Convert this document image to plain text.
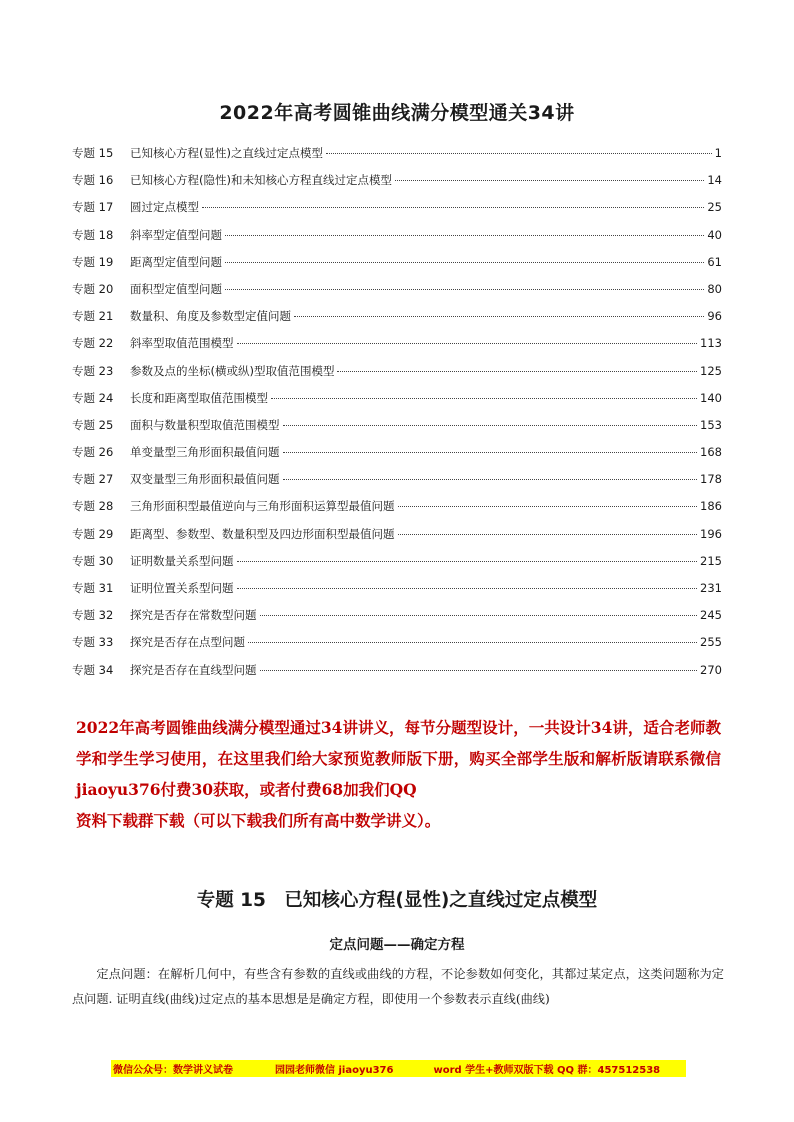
2022年高考圆锥曲线满分模型通关34讲
专题 15	已知核心方程(显性)之直线过定点模型	1
专题 16	已知核心方程(隐性)和未知核心方程直线过定点模型	14
专题 17	圆过定点模型	25
专题 18	斜率型定值型问题	40
专题 19	距离型定值型问题	61
专题 20	面积型定值型问题	80
专题 21	数量积、角度及参数型定值问题	96
专题 22	斜率型取值范围模型	113
专题 23	参数及点的坐标(横或纵)型取值范围模型	125
专题 24	长度和距离型取值范围模型	140
专题 25	面积与数量积型取值范围模型	153
专题 26	单变量型三角形面积最值问题	168
专题 27	双变量型三角形面积最值问题	178
专题 28	三角形面积型最值逆向与三角形面积运算型最值问题	186
专题 29	距离型、参数型、数量积型及四边形面积型最值问题	196
专题 30	证明数量关系型问题	215
专题 31	证明位置关系型问题	231
专题 32	探究是否存在常数型问题	245
专题 33	探究是否存在点型问题	255
专题 34	探究是否存在直线型问题	270
2022年高考圆锥曲线满分模型通过34讲讲义，每节分题型设计，一共设计34讲，适合老师教学和学生学习使用，在这里我们给大家预览教师版下册，购买全部学生版和解析版请联系微信 jiaoyu376付费30获取，或者付费68加我们QQ
资料下载群下载（可以下载我们所有高中数学讲义）。
专题 15　已知核心方程(显性)之直线过定点模型
定点问题——确定方程
定点问题：在解析几何中，有些含有参数的直线或曲线的方程，不论参数如何变化，其都过某定点，这类问题称为定点问题. 证明直线(曲线)过定点的基本思想是是确定方程，即使用一个参数表示直线(曲线)
微信公众号：数学讲义试卷	园园老师微信 jiaoyu376	word 学生+教师双版下载 QQ 群：457512538
